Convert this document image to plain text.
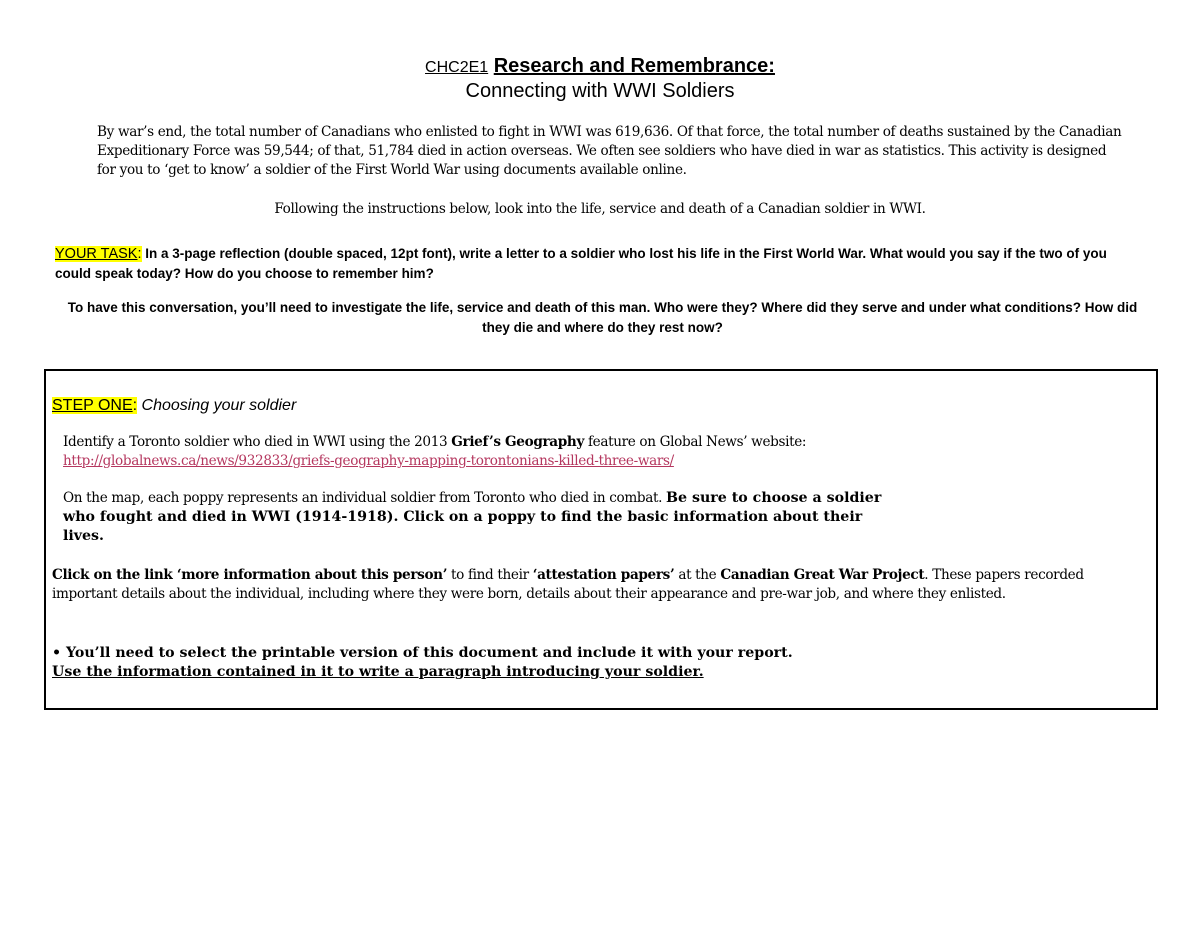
CHC2E1 Research and Remembrance:
Connecting with WWI Soldiers

By war’s end, the total number of Canadians who enlisted to fight in WWI was 619,636. Of that force, the total number of deaths sustained by the Canadian Expeditionary Force was 59,544; of that, 51,784 died in action overseas. We often see soldiers who have died in war as statistics. This activity is designed for you to ‘get to know’ a soldier of the First World War using documents available online.

Following the instructions below, look into the life, service and death of a Canadian soldier in WWI.
YOUR TASK: In a 3-page reflection (double spaced, 12pt font), write a letter to a soldier who lost his life in the First World War. What would you say if the two of you could speak today? How do you choose to remember him?
To have this conversation, you’ll need to investigate the life, service and death of this man. Who were they? Where did they serve and under what conditions? How did they die and where do they rest now?
STEP ONE: Choosing your soldier

Identify a Toronto soldier who died in WWI using the 2013 Grief’s Geography feature on Global News’ website: http://globalnews.ca/news/932833/griefs-geography-mapping-torontonians-killed-three-wars/

On the map, each poppy represents an individual soldier from Toronto who died in combat. Be sure to choose a soldier who fought and died in WWI (1914-1918). Click on a poppy to find the basic information about their lives.
Click on the link ‘more information about this person’ to find their ‘attestation papers’ at the Canadian Great War Project. These papers recorded important details about the individual, including where they were born, details about their appearance and pre-war job, and where they enlisted.
• You’ll need to select the printable version of this document and include it with your report.
Use the information contained in it to write a paragraph introducing your soldier.
